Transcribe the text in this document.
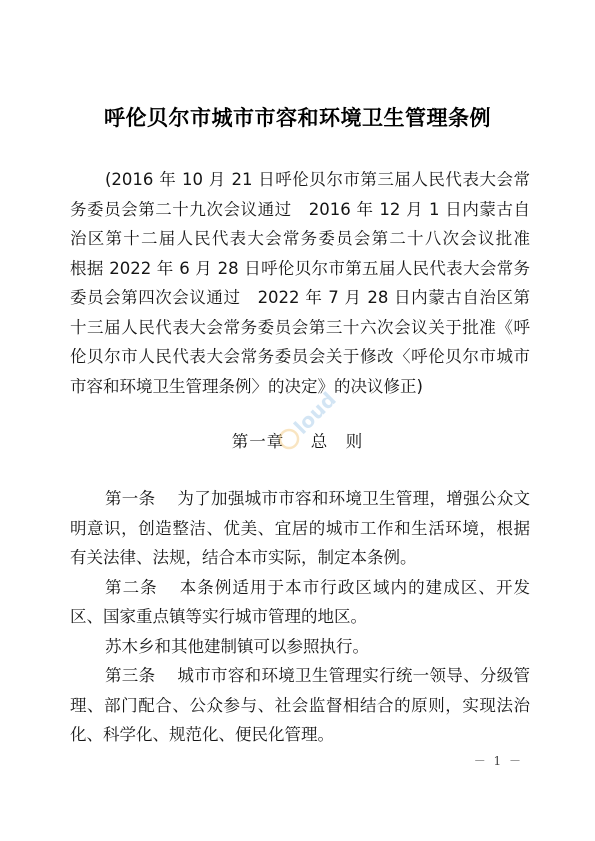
呼伦贝尔市城市市容和环境卫生管理条例
(2016 年 10 月 21 日呼伦贝尔市第三届人民代表大会常务委员会第二十九次会议通过　2016 年 12 月 1 日内蒙古自治区第十二届人民代表大会常务委员会第二十八次会议批准　根据 2022 年 6 月 28 日呼伦贝尔市第五届人民代表大会常务委员会第四次会议通过　2022 年 7 月 28 日内蒙古自治区第十三届人民代表大会常务委员会第三十六次会议关于批准《呼伦贝尔市人民代表大会常务委员会关于修改〈呼伦贝尔市城市市容和环境卫生管理条例〉的决定》的决议修正)
第一章 总　则

第一条 为了加强城市市容和环境卫生管理，增强公众文明意识，创造整洁、优美、宜居的城市工作和生活环境，根据有关法律、法规，结合本市实际，制定本条例。

第二条 本条例适用于本市行政区域内的建成区、开发区、国家重点镇等实行城市管理的地区。

苏木乡和其他建制镇可以参照执行。

第三条 城市市容和环境卫生管理实行统一领导、分级管理、部门配合、公众参与、社会监督相结合的原则，实现法治化、科学化、规范化、便民化管理。

loud
－ 1 －
